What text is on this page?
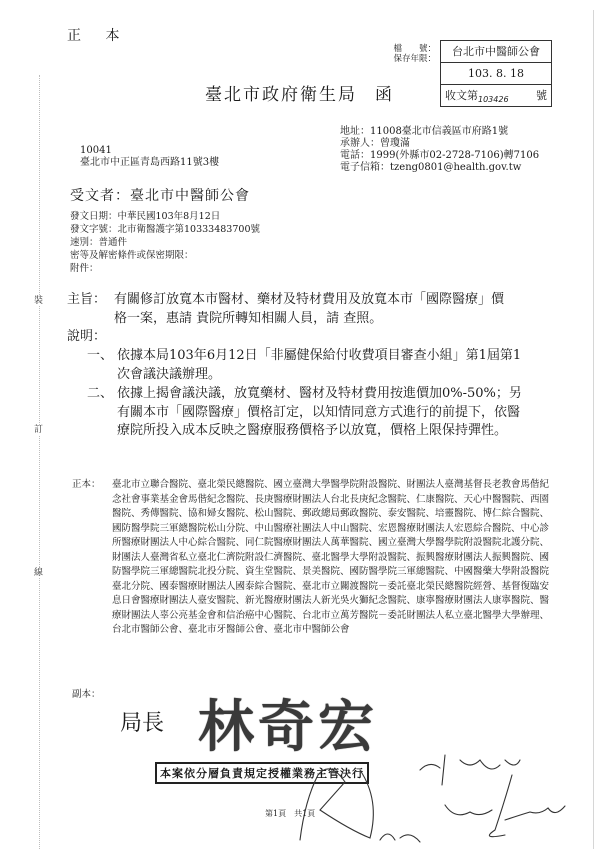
裝
訂
線
正 本
檔　　號：
保存年限：
台北市中醫師公會
103. 8. 18
收文第$_{103426}$ 號
臺北市政府衛生局 函
地址：11008臺北市信義區市府路1號
承辦人：曾瓊滿
電話：1999(外縣市02-2728-7106)轉7106
電子信箱：tzeng0801@health.gov.tw
10041
臺北市中正區青島西路11號3樓
受文者：臺北市中醫師公會
發文日期：中華民國103年8月12日
發文字號：北市衛醫護字第10333483700號
速別：普通件
密等及解密條件或保密期限：
附件：
主旨： 有關修訂放寬本市醫材、藥材及特材費用及放寬本市「國際醫療」價格一案，惠請 貴院所轉知相關人員，請 查照。
說明：
一、 依據本局103年6月12日「非屬健保給付收費項目審查小組」第1屆第1次會議決議辦理。
二、 依據上揭會議決議，放寬藥材、醫材及特材費用按進價加0%-50%；另有關本市「國際醫療」價格訂定，以知情同意方式進行的前提下，依醫療院所投入成本反映之醫療服務價格予以放寬，價格上限保持彈性。
正本： 臺北市立聯合醫院、臺北榮民總醫院、國立臺灣大學醫學院附設醫院、財團法人臺灣基督長老教會馬偕紀念社會事業基金會馬偕紀念醫院、長庚醫療財團法人台北長庚紀念醫院、仁康醫院、天心中醫醫院、西園醫院、秀傳醫院、協和婦女醫院、松山醫院、郵政總局郵政醫院、泰安醫院、培靈醫院、博仁綜合醫院、國防醫學院三軍總醫院松山分院、中山醫療社團法人中山醫院、宏恩醫療財團法人宏恩綜合醫院、中心診所醫療財團法人中心綜合醫院、同仁院醫療財團法人萬華醫院、國立臺灣大學醫學院附設醫院北護分院、財團法人臺灣省私立臺北仁濟院附設仁濟醫院、臺北醫學大學附設醫院、振興醫療財團法人振興醫院、國防醫學院三軍總醫院北投分院、資生堂醫院、景美醫院、國防醫學院三軍總醫院、中國醫藥大學附設醫院臺北分院、國泰醫療財團法人國泰綜合醫院、臺北市立關渡醫院－委託臺北榮民總醫院經營、基督復臨安息日會醫療財團法人臺安醫院、新光醫療財團法人新光吳火獅紀念醫院、康寧醫療財團法人康寧醫院、醫療財團法人辜公亮基金會和信治癌中心醫院、台北市立萬芳醫院－委託財團法人私立臺北醫學大學辦理、台北市醫師公會、臺北市牙醫師公會、臺北市中醫師公會
副本：
局長 林奇宏
本案依分層負責規定授權業務主管決行
第1頁　共1頁
